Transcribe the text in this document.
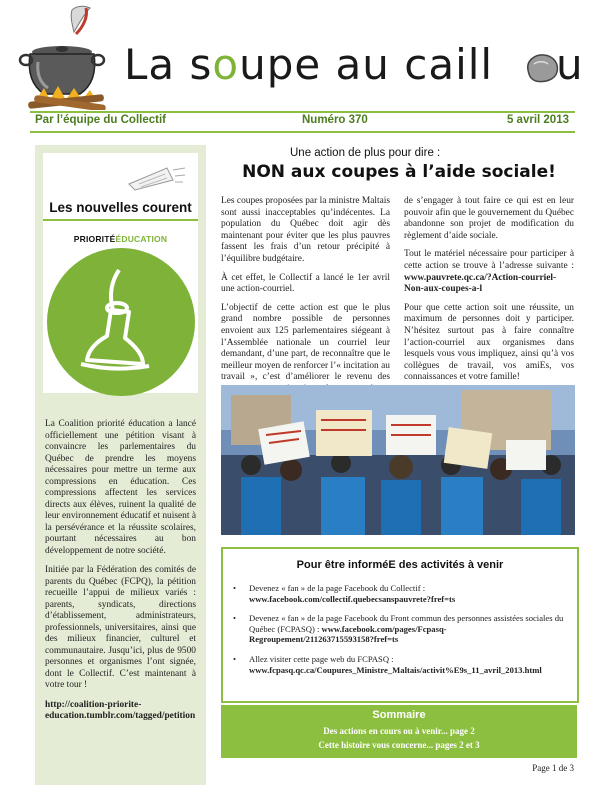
La soupe au caill u
Par l’équipe du Collectif	Numéro 370	5 avril 2013
Les nouvelles courent
PRIORITÉÉDUCATION

La Coalition priorité éducation a lancé officiellement une pétition visant à convaincre les parlementaires du Québec de prendre les moyens nécessaires pour mettre un terme aux compressions en éducation. Ces compressions affectent les services directs aux élèves, ruinent la qualité de leur environnement éducatif et nuisent à la persévérance et la réussite scolaires, pourtant nécessaires au bon développement de notre société.

Initiée par la Fédération des comités de parents du Québec (FCPQ), la pétition recueille l’appui de milieux variés : parents, syndicats, directions d’établissement, administrateurs, professionnels, universitaires, ainsi que des milieux financier, culturel et communautaire. Jusqu’ici, plus de 9500 personnes et organismes l’ont signée, dont le Collectif. C’est maintenant à votre tour !

http://coalition-priorite-education.tumblr.com/tagged/petition

Une action de plus pour dire :
NON aux coupes à l’aide sociale!

Les coupes proposées par la ministre Maltais sont aussi inacceptables qu’indécentes. La population du Québec doit agir dès maintenant pour éviter que les plus pauvres fassent les frais d’un retour précipité à l’équilibre budgétaire.

À cet effet, le Collectif a lancé le 1er avril une action-courriel.

L’objectif de cette action est que le plus grand nombre possible de personnes envoient aux 125 parlementaires siégeant à l’Assemblée nationale un courriel leur demandant, d’une part, de reconnaître que le meilleur moyen de renforcer l’« incitation au travail », c’est d’améliorer le revenu des

de s’engager à tout faire ce qui est en leur pouvoir afin que le gouvernement du Québec abandonne son projet de modification du règlement d’aide sociale.

Tout le matériel nécessaire pour participer à cette action se trouve à l’adresse suivante : www.pauvrete.qc.ca/?Action-courriel-Non-aux-coupes-a-l

Pour que cette action soit une réussite, un maximum de personnes doit y participer. N’hésitez surtout pas à faire connaître l’action-courriel aux organismes dans lesquels vous vous impliquez, ainsi qu’à vos collègues de travail, vos amiEs, vos connaissances et votre famille!

Pour être informéE des activités à venir
• Devenez « fan » de la page Facebook du Collectif : www.facebook.com/collectif.quebecsanspauvrete?fref=ts
• Devenez « fan » de la page Facebook du Front commun des personnes assistées sociales du Québec (FCPASQ) : www.facebook.com/pages/Fcpasq-Regroupement/211263715593158?fref=ts
• Allez visiter cette page web du FCPASQ : www.fcpasq.qc.ca/Coupures_Ministre_Maltais/activit%E9s_11_avril_2013.html
Sommaire
Des actions en cours ou à venir... page 2
Cette histoire vous concerne... pages 2 et 3
Page 1 de 3
